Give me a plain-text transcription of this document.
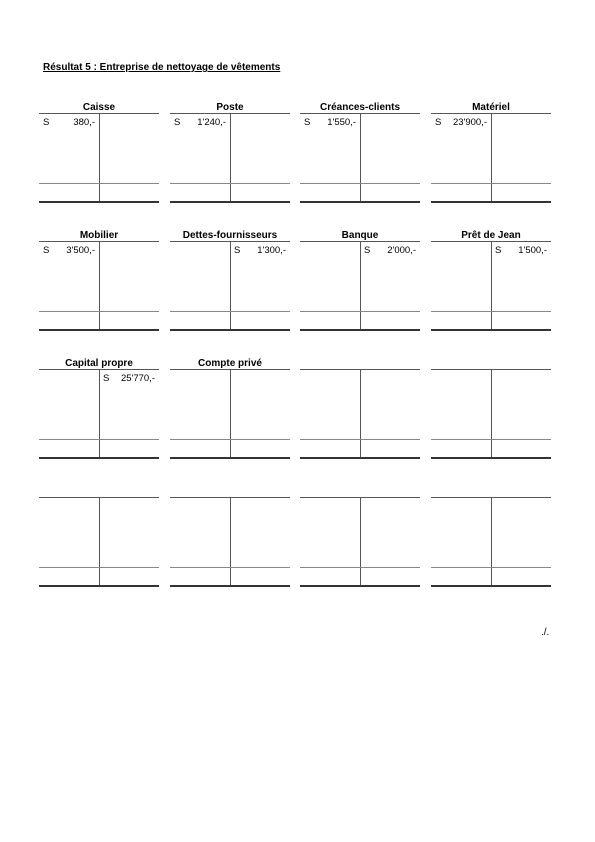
Résultat 5 : Entreprise de nettoyage de vêtements
Caisse
S	380,-
Poste
S 1'240,-
Créances-clients
S 1'550,-
Matériel
S 23'900,-
Mobilier
S 3'500,-
Dettes-fournisseurs
S 1'300,-
Banque
S 2'000,-
Prêt de Jean
S 1'500,-
Capital propre
S 25'770,-
Compte privé
./.
